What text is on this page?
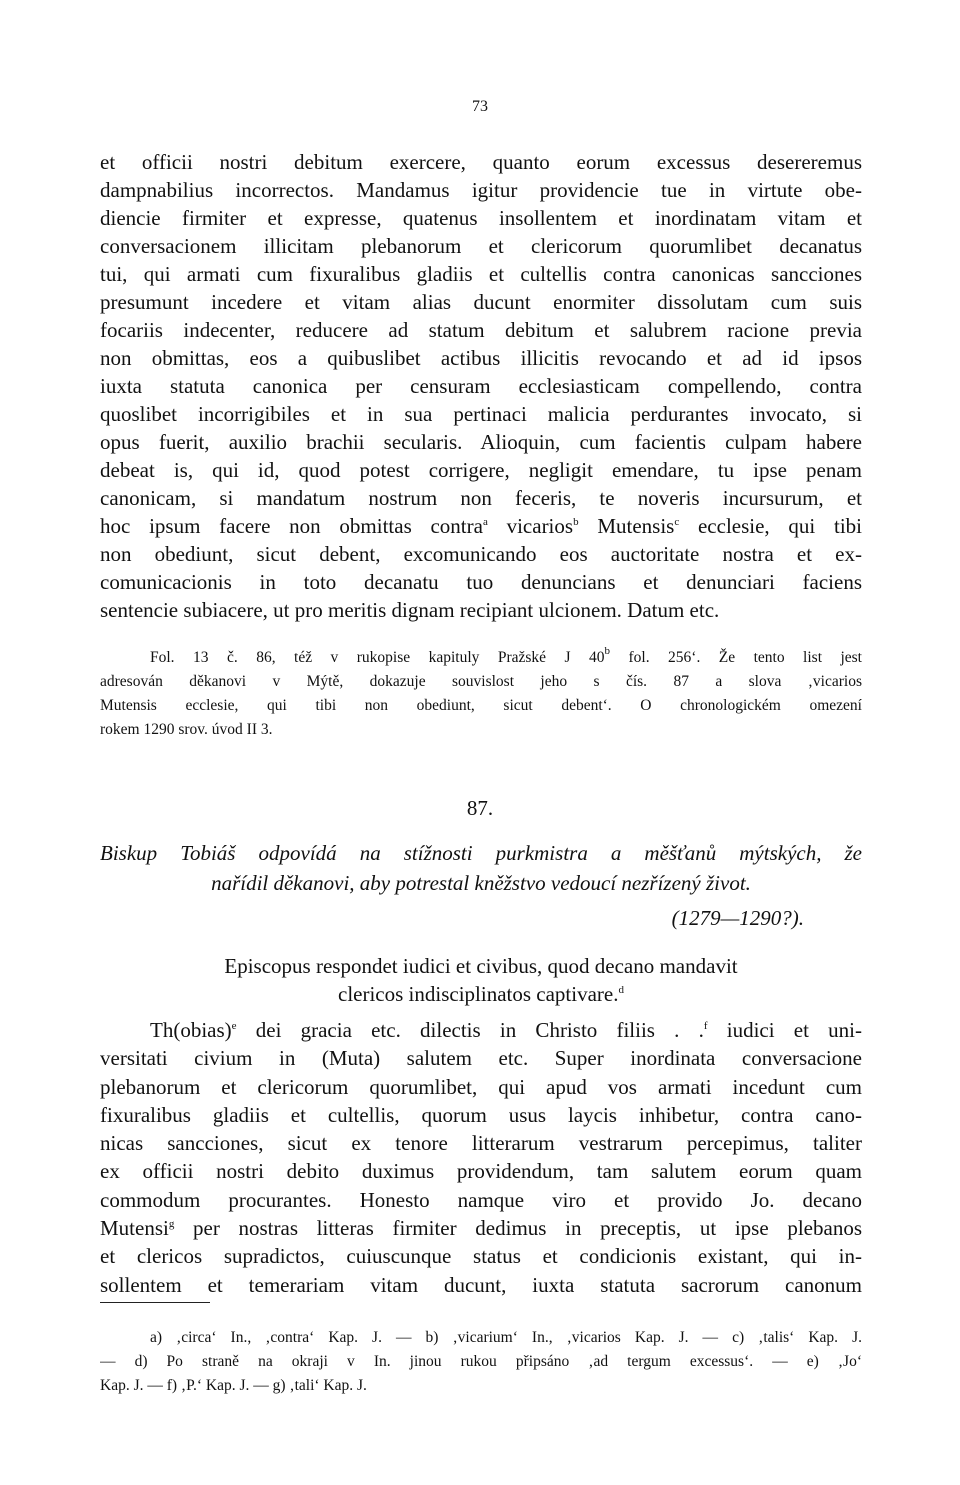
73
et officii nostri debitum exercere, quanto eorum excessus desereremus
dampnabilius incorrectos. Mandamus igitur providencie tue in virtute obe-
diencie firmiter et expresse, quatenus insollentem et inordinatam vitam et
conversacionem illicitam plebanorum et clericorum quorumlibet decanatus
tui, qui armati cum fixuralibus gladiis et cultellis contra canonicas sancciones
presumunt incedere et vitam alias ducunt enormiter dissolutam cum suis
focariis indecenter, reducere ad statum debitum et salubrem racione previa
non obmittas, eos a quibuslibet actibus illicitis revocando et ad id ipsos
iuxta statuta canonica per censuram ecclesiasticam compellendo, contra
quoslibet incorrigibiles et in sua pertinaci malicia perdurantes invocato, si
opus fuerit, auxilio brachii secularis. Alioquin, cum facientis culpam habere
debeat is, qui id, quod potest corrigere, negligit emendare, tu ipse penam
canonicam, si mandatum nostrum non feceris, te noveris incursurum, et
hoc ipsum facere non obmittas contra$^a$ vicarios$^b$ Mutensis$^c$ ecclesie, qui tibi
non obediunt, sicut debent, excomunicando eos auctoritate nostra et ex-
comunicacionis in toto decanatu tuo denuncians et denunciari faciens
sentencie subiacere, ut pro meritis dignam recipiant ulcionem. Datum etc.
Fol. 13 č. 86, též v rukopise kapituly Pražské J 40$^b$ fol. 256‘. Že tento list jest
adresován děkanovi v Mýtě, dokazuje souvislost jeho s čís. 87 a slova ‚vicarios
Mutensis ecclesie, qui tibi non obediunt, sicut debent‘. O chronologickém omezení
rokem 1290 srov. úvod II 3.
87.
Biskup Tobiáš odpovídá na stížnosti purkmistra a měšťanů mýtských, že
nařídil děkanovi, aby potrestal kněžstvo vedoucí nezřízený život.
(1279—1290?).
Episcopus respondet iudici et civibus, quod decano mandavit
clericos indisciplinatos captivare.$^d$
Th(obias)$^e$ dei gracia etc. dilectis in Christo filiis . .$^f$ iudici et uni-
versitati civium in (Muta) salutem etc. Super inordinata conversacione
plebanorum et clericorum quorumlibet, qui apud vos armati incedunt cum
fixuralibus gladiis et cultellis, quorum usus laycis inhibetur, contra cano-
nicas sancciones, sicut ex tenore litterarum vestrarum percepimus, taliter
ex officii nostri debito duximus providendum, tam salutem eorum quam
commodum procurantes. Honesto namque viro et provido Jo. decano
Mutensi$^g$ per nostras litteras firmiter dedimus in preceptis, ut ipse plebanos
et clericos supradictos, cuiuscunque status et condicionis existant, qui in-
sollentem et temerariam vitam ducunt, iuxta statuta sacrorum canonum
a) ‚circa‘ In., ‚contra‘ Kap. J. — b) ‚vicarium‘ In., ‚vicarios Kap. J. — c) ‚talis‘ Kap. J.
— d) Po straně na okraji v In. jinou rukou připsáno ‚ad tergum excessus‘. — e) ‚Jo‘
Kap. J. — f) ‚P.‘ Kap. J. — g) ‚tali‘ Kap. J.
